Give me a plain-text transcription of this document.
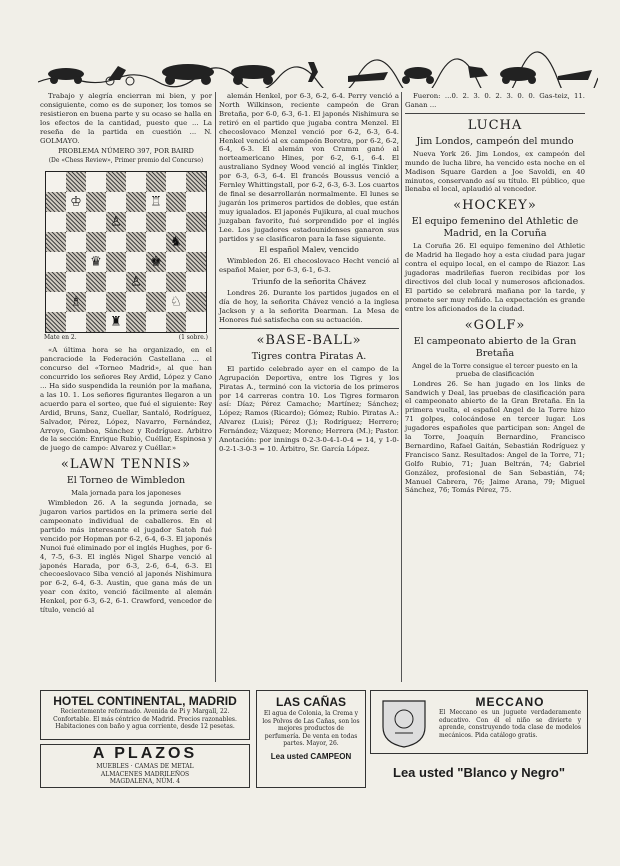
Trabajo y alegría encierran mi bien, y por consiguiente, como es de suponer, los tomos se resistieron en buena parte y su ocaso se halla en los efectos de la cantidad, puesto que ... La reseña de la partida en cuestión ... N. GOLMAYO.

PROBLEMA NÚMERO 397, POR BAIRD
(De «Chess Review», Primer premio del Concurso)
♔	♖
♙
♞
♛	♚
♙
♗	♘
♜
Mate en 2.	(1 sobre.)

«A última hora se ha organizado, en el pancraciode la Federación Castellana ... el concurso del «Torneo Madrid», al que han concurrido los señores Rey Ardid, López y Cano ... Ha sido suspendida la reunión por la mañana, a las 10. 1. Los señores figurantes llegaron a un acuerdo para el sorteo, que fué el siguiente: Rey Ardid, Bruns, Sanz, Cuellar, Santaló, Rodríguez, Salvador, Pérez, López, Navarro, Fernández, Arroyo, Gamboa, Sánchez y Rodríguez. Arbitro de la sección: Enrique Rubio, Cuéllar, Espinosa y de juego de campo: Alvarez y Cuéllar.»

«LAWN TENNIS»
El Torneo de Wimbledon
Mala jornada para los japoneses

Wimbledon 26. A la segunda jornada, se jugaron varios partidos en la primera serie del campeonato individual de caballeros. En el partido más interesante el jugador Satoh fué vencido por Hopman por 6-2, 6-4, 6-3. El japonés Nunoi fué eliminado por el inglés Hughes, por 6-4, 7-5, 6-3. El inglés Nigel Sharpe venció al japonés Harada, por 6-3, 2-6, 6-4, 6-3. El checoeslovaco Siba venció al japonés Nishimura por 6-2, 6-4, 6-3. Austin, que gana más de un year con éxito, venció fácilmente al alemán Henkel, por 6-3, 6-2, 6-1. Crawford, vencedor de título, venció al

alemán Henkel, por 6-3, 6-2, 6-4. Perry venció a North Wilkinson, reciente campeón de Gran Bretaña, por 6-0, 6-3, 6-1. El japonés Nishimura se retiró en el partido que jugaba contra Menzel. El checoslovaco Menzel venció por 6-2, 6-3, 6-4. Henkel venció al ex campeón Borotra, por 6-2, 6-2, 6-4, 6-3. El alemán von Cramm ganó al norteamericano Hines, por 6-2, 6-1, 6-4. El australiano Sydney Wood venció al inglés Tinkler, por 6-3, 6-3, 6-4. El francés Boussus venció a Fernley Whittingstall, por 6-2, 6-3, 6-3. Los cuartos de final se desarrollarán normalmente. El lunes se jugarán los primeros partidos de dobles, que están muy igualados. El japonés Fujikura, al cual muchos juzgaban favorito, fué sorprendido por el inglés Lee. Los jugadores estadounidenses ganaron sus partidos y se clasificaron para la fase siguiente.

El español Malev, vencido

Wimbledon 26. El checoslovaco Hecht venció al español Maier, por 6-3, 6-1, 6-3.

Triunfo de la señorita Chávez

Londres 26. Durante los partidos jugados en el día de hoy, la señorita Chávez venció a la inglesa Jackson y a la señorita Dearman. La Mesa de Honores fué satisfecha con su actuación.

«BASE-BALL»
Tigres contra Piratas A.

El partido celebrado ayer en el campo de la Agrupación Deportiva, entre los Tigres y los Piratas A., terminó con la victoria de los primeros por 14 carreras contra 10. Los Tigres formaron así: Díaz; Pérez Camacho; Martínez; Sánchez; López; Ramos (Ricardo); Gómez; Rubio. Piratas A.: Alvarez (Luis); Pérez (J.); Rodríguez; Herrero; Fernández; Vázquez; Moreno; Herrera (M.); Pastor. Anotación: por innings 0-2-3-0-4-1-0-4 = 14, y 1-0-0-2-1-3-0-3 = 10. Árbitro, Sr. García López.

Fueron: ...0. 2. 3. 0. 2. 3. 0. 0. Gas-teiz, 11. Ganan ...

LUCHA
Jim Londos, campeón del mundo

Nueva York 26. Jim Londos, ex campeón del mundo de lucha libre, ha vencido esta noche en el Madison Square Garden a Joe Savoldi, en 40 minutos, conservando así su título. El público, que llenaba el local, aplaudió al vencedor.

«HOCKEY»
El equipo femenino del Athletic de Madrid, en la Coruña

La Coruña 26. El equipo femenino del Athletic de Madrid ha llegado hoy a esta ciudad para jugar contra el equipo local, en el campo de Riazor. Las jugadoras madrileñas fueron recibidas por los directivos del club local y numerosos aficionados. El partido se celebrará mañana por la tarde, y promete ser muy reñido. La expectación es grande entre los aficionados de la ciudad.

«GOLF»
El campeonato abierto de la Gran Bretaña
Angel de la Torre consigue el tercer puesto en la prueba de clasificación

Londres 26. Se han jugado en los links de Sandwich y Deal, las pruebas de clasificación para el campeonato abierto de la Gran Bretaña. En la primera vuelta, el español Angel de la Torre hizo 71 golpes, colocándose en tercer lugar. Los jugadores españoles que participan son: Angel de la Torre, Joaquín Bernardino, Francisco Bernardino, Rafael Gaitán, Sebastián Rodríguez y Francisco Sanz. Resultados: Angel de la Torre, 71; Golfo Rubio, 71; Juan Beltrán, 74; Gabriel González, profesional de San Sebastián, 74; Manuel Cabrera, 76; Jaime Arana, 79; Miguel Sánchez, 76; Tomás Pérez, 75.

HOTEL CONTINENTAL, MADRID
Recientemente reformado. Avenida de Pi y Margall, 22. Confortable. El más céntrico de Madrid. Precios razonables. Habitaciones con baño y agua corriente, desde 12 pesetas.
A PLAZOS
MUEBLES · CAMAS DE METAL
ALMACENES MADRILEÑOS
MAGDALENA, NÚM. 4
LAS CAÑAS
El agua de Colonia, la Crema y los Polvos de Las Cañas, son los mejores productos de perfumería. De venta en todas partes. Mayor, 26.
Lea usted CAMPEON
MECCANO
El Meccano es un juguete verdaderamente educativo. Con él el niño se divierte y aprende, construyendo toda clase de modelos mecánicos. Pida catálogo gratis.
Lea usted "Blanco y Negro"
